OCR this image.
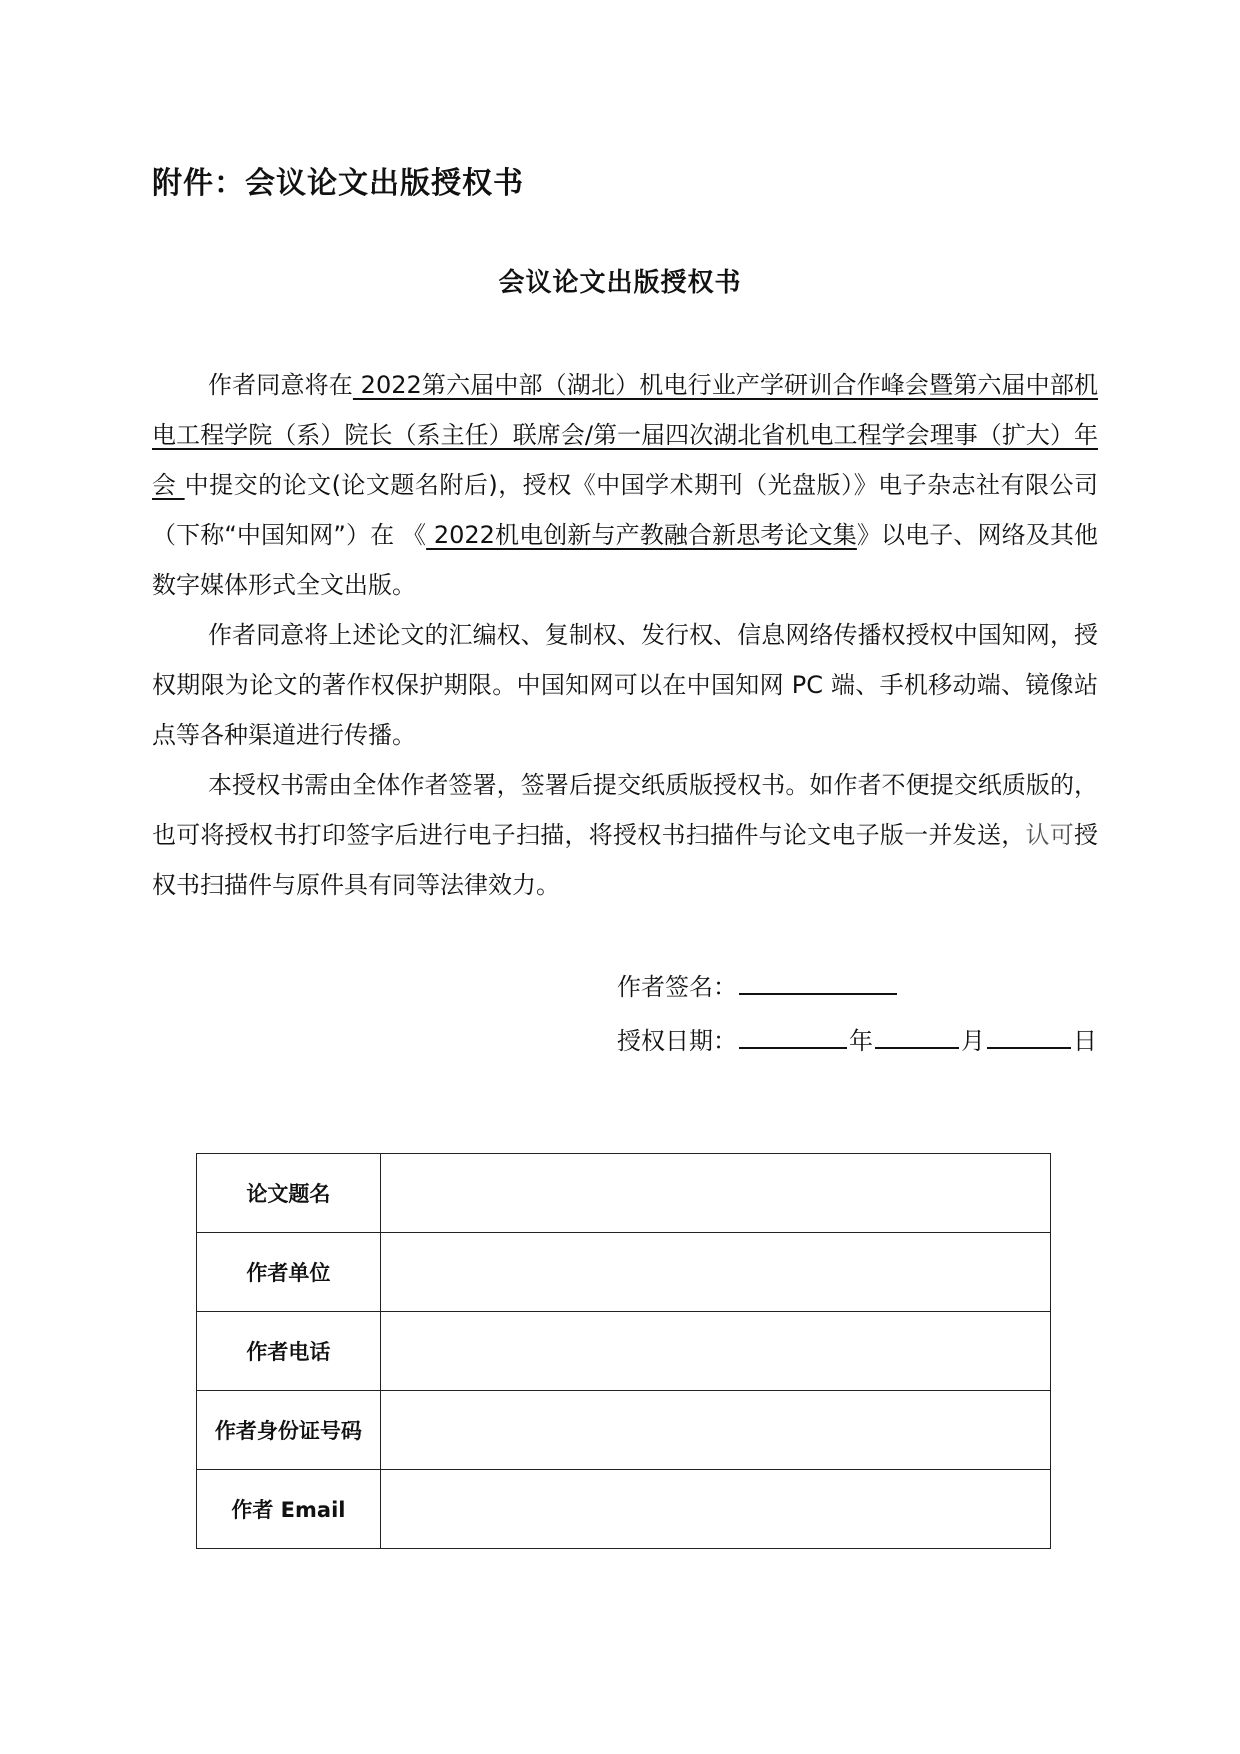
附件：会议论文出版授权书
会议论文出版授权书

作者同意将在 2022第六届中部（湖北）机电行业产学研训合作峰会暨第六届中部机电工程学院（系）院长（系主任）联席会/第一届四次湖北省机电工程学会理事（扩大）年会 中提交的论文(论文题名附后)，授权《中国学术期刊（光盘版）》电子杂志社有限公司（下称“中国知网”）在 《 2022机电创新与产教融合新思考论文集》以电子、网络及其他数字媒体形式全文出版。

作者同意将上述论文的汇编权、复制权、发行权、信息网络传播权授权中国知网，授权期限为论文的著作权保护期限。中国知网可以在中国知网 PC 端、手机移动端、镜像站点等各种渠道进行传播。

本授权书需由全体作者签署，签署后提交纸质版授权书。如作者不便提交纸质版的，也可将授权书打印签字后进行电子扫描，将授权书扫描件与论文电子版一并发送，认可授权书扫描件与原件具有同等法律效力。

作者签名：
授权日期：	年	月	日
论文题名	
作者单位	
作者电话	
作者身份证号码	
作者 Email	
